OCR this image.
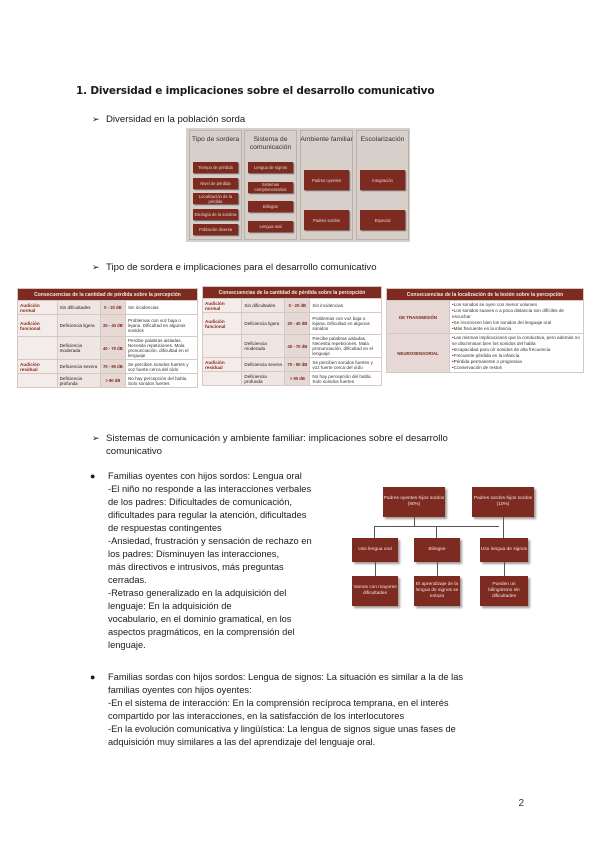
1. Diversidad e implicaciones sobre el desarrollo comunicativo
➢ Diversidad en la población sorda
Tipo de sordera
Tiempo de pérdida
Nivel de pérdida
Localización de la pérdida
Etiología de la sordera
Población diversa
Sistema de comunicación
Lengua de signos
Sistemas complementarios
Bilingüe
Lengua oral
Ambiente familiar
Padres oyentes
Padres sordos
Escolarización
Integración
Especial
➢ Tipo de sordera e implicaciones para el desarrollo comunicativo
Consecuencias de la cantidad de pérdida sobre la percepción			
Audición normal	Sin dificultades	0 - 20 dB	Sin incidencias
Audición funcional	Deficiencia ligera	20 - 40 dB	Problemas con voz baja o lejana. Dificultad en algunos sonidos
	Deficiencia moderada	40 - 70 dB	Percibe palabras aisladas. Necesita repeticiones. Mala pronunciación, dificultad en el lenguaje
Audición residual	Deficiencia severa	70 - 90 dB	Se perciben sonidos fuertes y voz fuerte cerca del oído
	Deficiencia profunda	> 90 dB	No hay percepción del habla. Solo sonidos fuertes
Consecuencias de la cantidad de pérdida sobre la percepción			
Audición normal	Sin dificultades	0 - 20 dB	Sin incidencias
Audición funcional	Deficiencia ligera	20 - 40 dB	Problemas con voz baja o lejana. Dificultad en algunos sonidos
	Deficiencia moderada	40 - 70 dB	Percibe palabras aisladas. Necesita repeticiones. Mala pronunciación, dificultad en el lenguaje
Audición residual	Deficiencia severa	70 - 90 dB	Se perciben sonidos fuertes y voz fuerte cerca del oído
	Deficiencia profunda	> 90 dB	No hay percepción del habla. Solo sonidos fuertes
Consecuencias de la localización de la lesión sobre la percepción	
DE TRANSMISIÓN	•Los sonidos se oyen con menor volumen
•Los sonidos suaves o a poca distancia son difíciles de escuchar
•Se reconocen bien los sonidos del lenguaje oral
•Más frecuente en la infancia

NEUROSENSORIAL	•Las mismas implicaciones que la conductiva, pero además no se discriminan bien los sonidos del habla
•Incapacidad para oír sonidos de alta frecuencia
•Frecuente pérdida en la infancia
•Pérdida permanente o progresiva
•Conservación de restos
➢ Sistemas de comunicación y ambiente familiar: implicaciones sobre el desarrollo
comunicativo
● Familias oyentes con hijos sordos: Lengua oral
-El niño no responde a las interacciones verbales
de los padres: Dificultades de comunicación,
dificultades para regular la atención, dificultades
de respuestas contingentes
-Ansiedad, frustración y sensación de rechazo en
los padres: Disminuyen las interacciones,
más directivos e intrusivos, más preguntas
cerradas.
-Retraso generalizado en la adquisición del
lenguaje: En la adquisición de
vocabulario, en el dominio gramatical, en los
aspectos pragmáticos, en la comprensión del
lenguaje.
Padres oyentes-hijos sordos (90%)
Padres sordos-hijos sordos (10%)
Uso lengua oral	Bilingüe	Uso lengua de signos
Vamos con mayores dificultades
El aprendizaje de la lengua de signos se enlaza
Pueden un bilingüismo sin dificultades
● Familias sordas con hijos sordos: Lengua de signos: La situación es similar a la de las
familias oyentes con hijos oyentes:
-En el sistema de interacción: En la comprensión recíproca temprana, en el interés
compartido por las interacciones, en la satisfacción de los interlocutores
-En la evolución comunicativa y lingüística: La lengua de signos sigue unas fases de
adquisición muy similares a las del aprendizaje del lenguaje oral.
2
